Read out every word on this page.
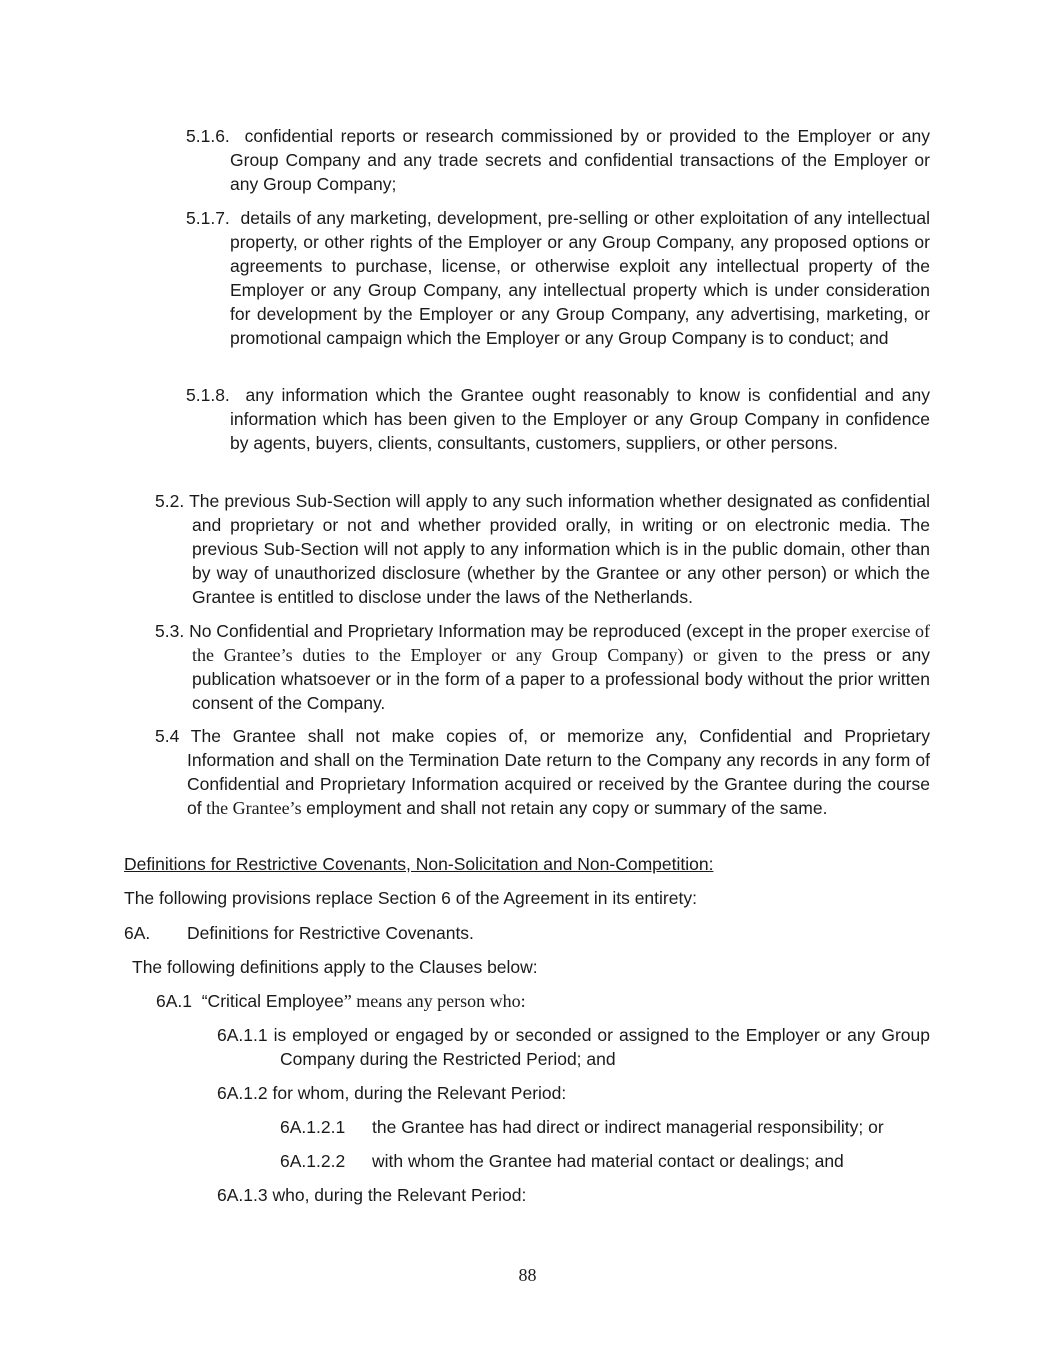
5.1.6. confidential reports or research commissioned by or provided to the Employer or any Group Company and any trade secrets and confidential transactions of the Employer or any Group Company;
5.1.7. details of any marketing, development, pre-selling or other exploitation of any intellectual property, or other rights of the Employer or any Group Company, any proposed options or agreements to purchase, license, or otherwise exploit any intellectual property of the Employer or any Group Company, any intellectual property which is under consideration for development by the Employer or any Group Company, any advertising, marketing, or promotional campaign which the Employer or any Group Company is to conduct; and
5.1.8. any information which the Grantee ought reasonably to know is confidential and any information which has been given to the Employer or any Group Company in confidence by agents, buyers, clients, consultants, customers, suppliers, or other persons.
5.2. The previous Sub-Section will apply to any such information whether designated as confidential and proprietary or not and whether provided orally, in writing or on electronic media. The previous Sub-Section will not apply to any information which is in the public domain, other than by way of unauthorized disclosure (whether by the Grantee or any other person) or which the Grantee is entitled to disclose under the laws of the Netherlands.
5.3. No Confidential and Proprietary Information may be reproduced (except in the proper exercise of the Grantee’s duties to the Employer or any Group Company) or given to the press or any publication whatsoever or in the form of a paper to a professional body without the prior written consent of the Company.
5.4 The Grantee shall not make copies of, or memorize any, Confidential and Proprietary Information and shall on the Termination Date return to the Company any records in any form of Confidential and Proprietary Information acquired or received by the Grantee during the course of the Grantee’s employment and shall not retain any copy or summary of the same.
Definitions for Restrictive Covenants, Non-Solicitation and Non-Competition:
The following provisions replace Section 6 of the Agreement in its entirety:
6A. Definitions for Restrictive Covenants.
The following definitions apply to the Clauses below:
6A.1 “Critical Employee” means any person who:
6A.1.1 is employed or engaged by or seconded or assigned to the Employer or any Group Company during the Restricted Period; and
6A.1.2 for whom, during the Relevant Period:
6A.1.2.1 the Grantee has had direct or indirect managerial responsibility; or
6A.1.2.2 with whom the Grantee had material contact or dealings; and
6A.1.3 who, during the Relevant Period:
88
